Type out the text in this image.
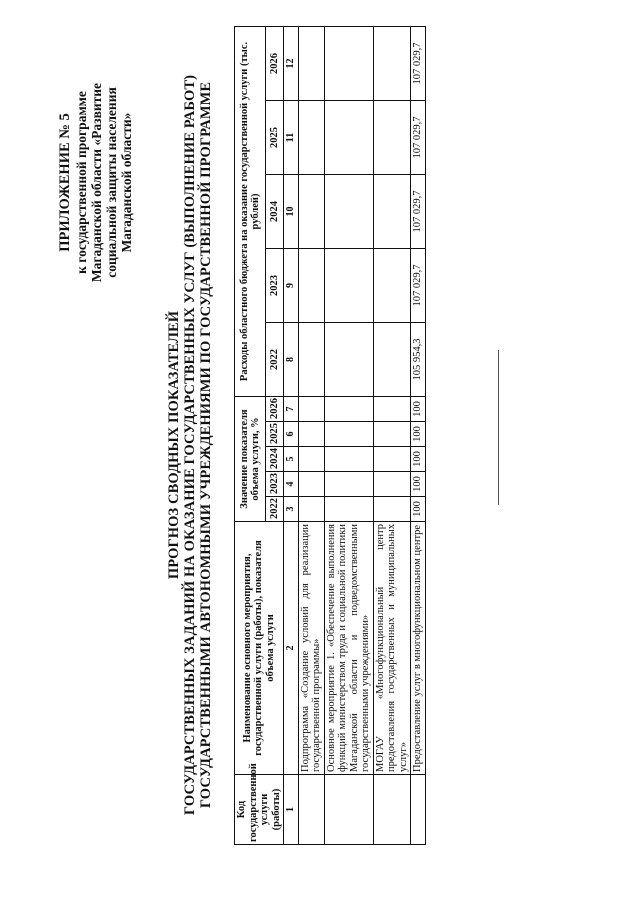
ПРИЛОЖЕНИЕ № 5 к государственной программе Магаданской области «Развитие социальной защиты населения Магаданской области»
ПРОГНОЗ СВОДНЫХ ПОКАЗАТЕЛЕЙ ГОСУДАРСТВЕННЫХ ЗАДАНИЙ НА ОКАЗАНИЕ ГОСУДАРСТВЕННЫХ УСЛУГ (ВЫПОЛНЕНИЕ РАБОТ) ГОСУДАРСТВЕННЫМИ АВТОНОМНЫМИ УЧРЕЖДЕНИЯМИ ПО ГОСУДАРСТВЕННОЙ ПРОГРАММЕ
Код государственной услуги (работы)	Наименование основного мероприятия, государственной услуги (работы), показателя объема услуги	Значение показателя объема услуги, %					Расходы областного бюджета на оказание государственной услуги (тыс. рублей)				
		2022	2023	2024	2025	2026	2022	2023	2024	2025	2026
1	2	3	4	5	6	7	8	9	10	11	12
	Подпрограмма «Создание условий для реализации государственной программы»										
	Основное мероприятие 1. «Обеспечение выполнения функций министерством труда и социальной политики Магаданской области и подведомственными государственными учреждениями»										
	МОГАУ «Многофункциональный центр предоставления государственных и муниципальных услуг»										
	Предоставление услуг в многофункциональном центре	100	100	100	100	100	105 954,3	107 029,7	107 029,7	107 029,7	107 029,7
